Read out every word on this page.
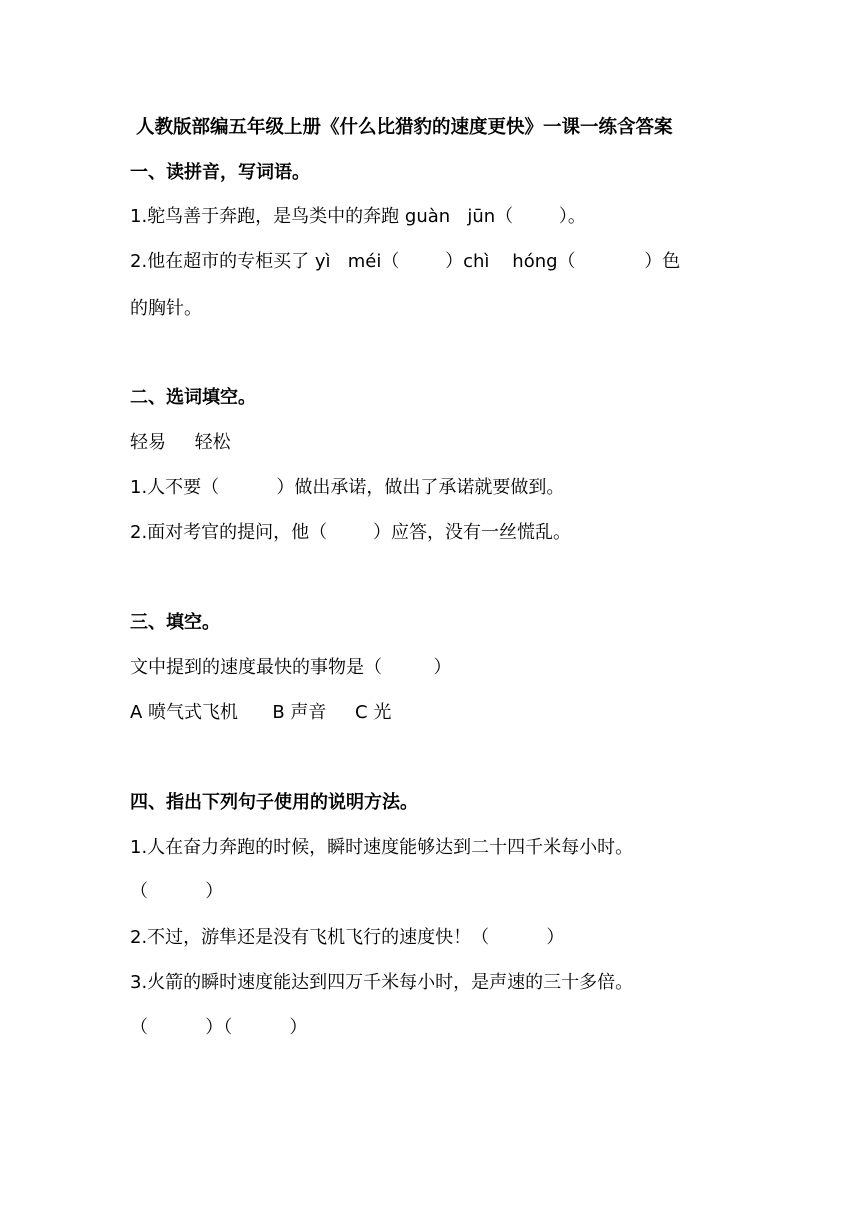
人教版部编五年级上册《什么比猎豹的速度更快》一课一练含答案
一、读拼音，写词语。
1.鸵鸟善于奔跑，是鸟类中的奔跑 guàn   jūn（        ）。
2.他在超市的专柜买了 yì   méi（        ）chì    hóng（            ）色
的胸针。
二、选词填空。
轻易     轻松
1.人不要（          ）做出承诺，做出了承诺就要做到。
2.面对考官的提问，他（        ）应答，没有一丝慌乱。
三、填空。
文中提到的速度最快的事物是（         ）
A 喷气式飞机      B 声音     C 光
四、指出下列句子使用的说明方法。
1.人在奋力奔跑的时候，瞬时速度能够达到二十四千米每小时。
（          ）
2.不过，游隼还是没有飞机飞行的速度快！（          ）
3.火箭的瞬时速度能达到四万千米每小时，是声速的三十多倍。
（          ）（          ）
